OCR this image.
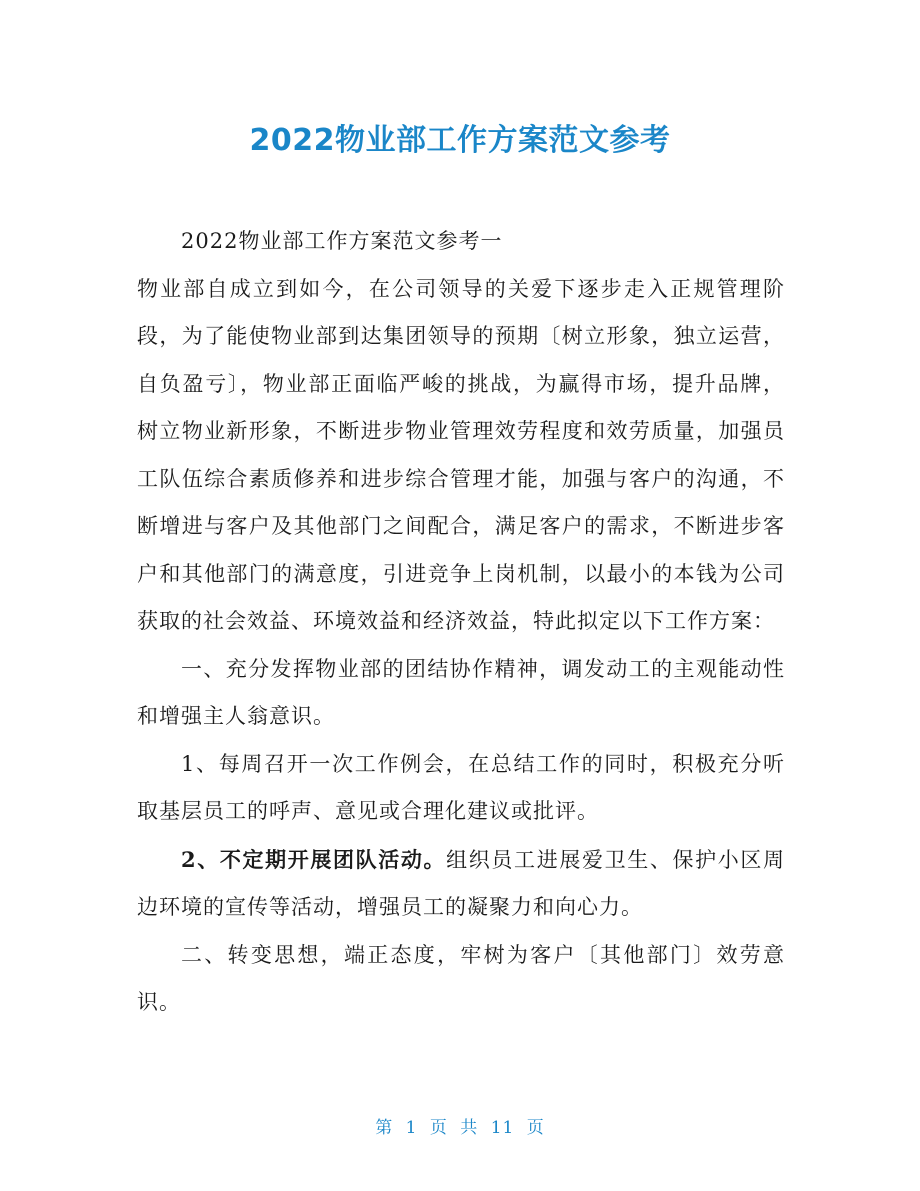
2022物业部工作方案范文参考

2022物业部工作方案范文参考一

物业部自成立到如今，在公司领导的关爱下逐步走入正规管理阶段，为了能使物业部到达集团领导的预期〔树立形象，独立运营，自负盈亏〕，物业部正面临严峻的挑战，为赢得市场，提升品牌，树立物业新形象，不断进步物业管理效劳程度和效劳质量，加强员工队伍综合素质修养和进步综合管理才能，加强与客户的沟通，不断增进与客户及其他部门之间配合，满足客户的需求，不断进步客户和其他部门的满意度，引进竞争上岗机制，以最小的本钱为公司获取的社会效益、环境效益和经济效益，特此拟定以下工作方案：

一、充分发挥物业部的团结协作精神，调发动工的主观能动性和增强主人翁意识。

1、每周召开一次工作例会，在总结工作的同时，积极充分听取基层员工的呼声、意见或合理化建议或批评。

2、不定期开展团队活动。组织员工进展爱卫生、保护小区周边环境的宣传等活动，增强员工的凝聚力和向心力。

二、转变思想，端正态度，牢树为客户〔其他部门〕效劳意识。

第 1 页 共 11 页
